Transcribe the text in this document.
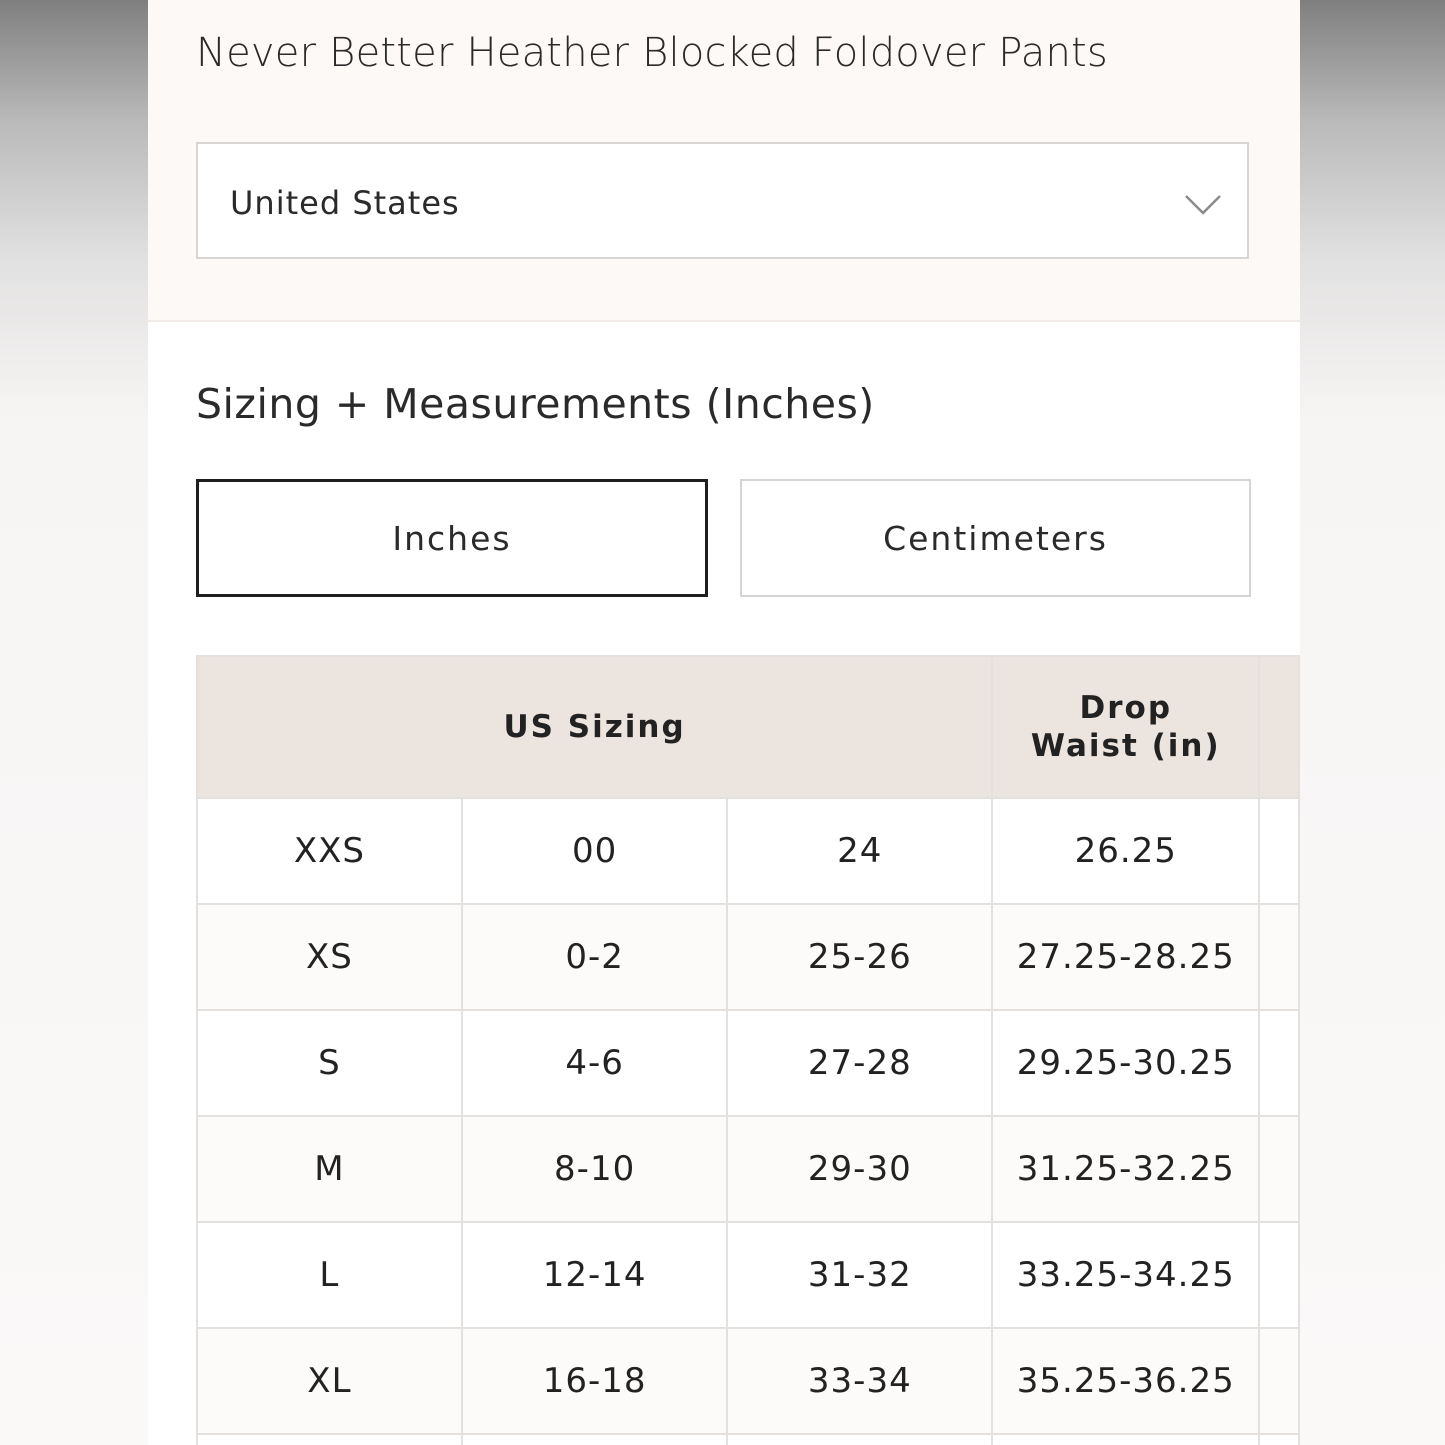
Never Better Heather Blocked Foldover Pants
United States
Sizing + Measurements (Inches)
Inches	Centimeters
US Sizing			Drop Waist (in)	

XXS	00	24	26.25	
XS	0-2	25-26	27.25-28.25	
S	4-6	27-28	29.25-30.25	
M	8-10	29-30	31.25-32.25	
L	12-14	31-32	33.25-34.25	
XL	16-18	33-34	35.25-36.25	
